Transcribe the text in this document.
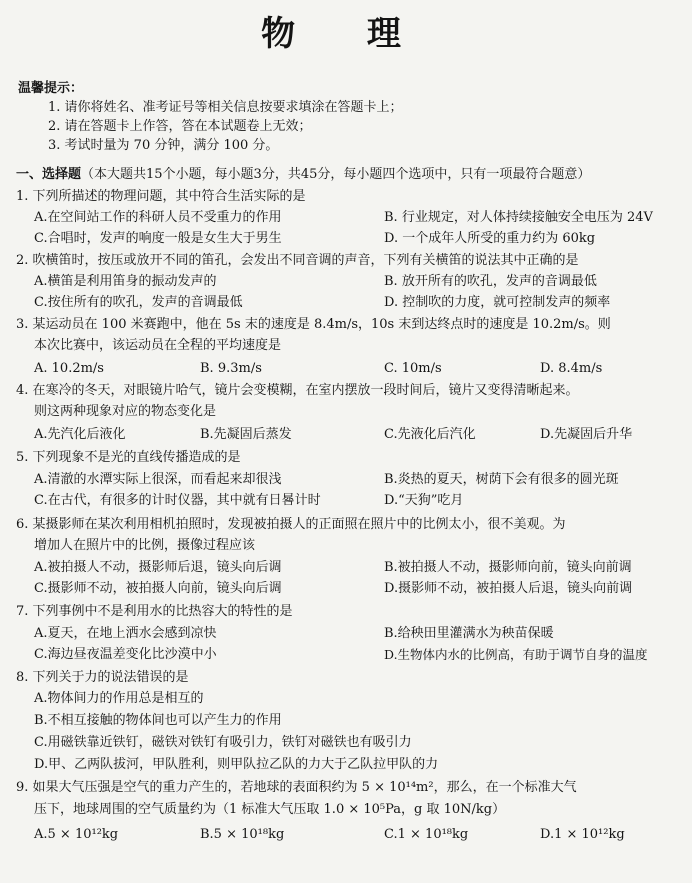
物 理
温馨提示：
1. 请你将姓名、准考证号等相关信息按要求填涂在答题卡上；
2. 请在答题卡上作答，答在本试题卷上无效；
3. 考试时量为 70 分钟，满分 100 分。
一、选择题（本大题共15个小题，每小题3分，共45分，每小题四个选项中，只有一项最符合题意）
1. 下列所描述的物理问题，其中符合生活实际的是
A.在空间站工作的科研人员不受重力的作用	B. 行业规定，对人体持续接触安全电压为 24V
C.合唱时，发声的响度一般是女生大于男生	D. 一个成年人所受的重力约为 60kg
2. 吹横笛时，按压或放开不同的笛孔，会发出不同音调的声音，下列有关横笛的说法其中正确的是
A.横笛是利用笛身的振动发声的	B. 放开所有的吹孔，发声的音调最低
C.按住所有的吹孔，发声的音调最低	D. 控制吹的力度，就可控制发声的频率
3. 某运动员在 100 米赛跑中，他在 5s 末的速度是 8.4m/s，10s 末到达终点时的速度是 10.2m/s。则
本次比赛中，该运动员在全程的平均速度是
A. 10.2m/s	B. 9.3m/s	C. 10m/s	D. 8.4m/s
4. 在寒冷的冬天，对眼镜片哈气，镜片会变模糊，在室内摆放一段时间后，镜片又变得清晰起来。
则这两种现象对应的物态变化是
A.先汽化后液化	B.先凝固后蒸发	C.先液化后汽化	D.先凝固后升华
5. 下列现象不是光的直线传播造成的是
A.清澈的水潭实际上很深，而看起来却很浅	B.炎热的夏天，树荫下会有很多的圆光斑
C.在古代，有很多的计时仪器，其中就有日晷计时	D.“天狗”吃月
6. 某摄影师在某次利用相机拍照时，发现被拍摄人的正面照在照片中的比例太小，很不美观。为
增加人在照片中的比例，摄像过程应该
A.被拍摄人不动，摄影师后退，镜头向后调	B.被拍摄人不动，摄影师向前，镜头向前调
C.摄影师不动，被拍摄人向前，镜头向后调	D.摄影师不动，被拍摄人后退，镜头向前调
7. 下列事例中不是利用水的比热容大的特性的是
A.夏天，在地上洒水会感到凉快	B.给秧田里灌满水为秧苗保暖
C.海边昼夜温差变化比沙漠中小	D.生物体内水的比例高，有助于调节自身的温度
8. 下列关于力的说法错误的是
A.物体间力的作用总是相互的
B.不相互接触的物体间也可以产生力的作用
C.用磁铁靠近铁钉，磁铁对铁钉有吸引力，铁钉对磁铁也有吸引力
D.甲、乙两队拔河，甲队胜利，则甲队拉乙队的力大于乙队拉甲队的力
9. 如果大气压强是空气的重力产生的，若地球的表面积约为 5 × 10¹⁴m²，那么，在一个标准大气
压下，地球周围的空气质量约为（1 标准大气压取 1.0 × 10⁵Pa，g 取 10N/kg）
A.5 × 10¹²kg	B.5 × 10¹⁸kg	C.1 × 10¹⁸kg	D.1 × 10¹²kg
